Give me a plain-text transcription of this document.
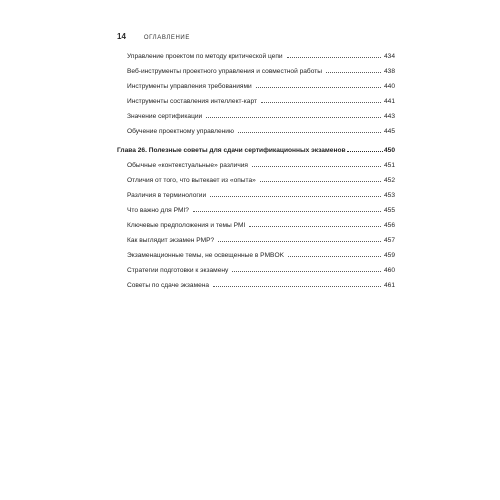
14	ОГЛАВЛЕНИЕ
Управление проектом по методу критической цепи	434
Веб-инструменты проектного управления и совместной работы	438
Инструменты управления требованиями	440
Инструменты составления интеллект-карт	441
Значение сертификации	443
Обучение проектному управлению	445
Глава 26. Полезные советы для сдачи сертификационных экзаменов	450
Обычные «контекстуальные» различия	451
Отличия от того, что вытекает из «опыта»	452
Различия в терминологии	453
Что важно для PMI?	455
Ключевые предположения и темы PMI	456
Как выглядит экзамен PMP?	457
Экзаменационные темы, не освещенные в PMBOK	459
Стратегии подготовки к экзамену	460
Советы по сдаче экзамена	461
